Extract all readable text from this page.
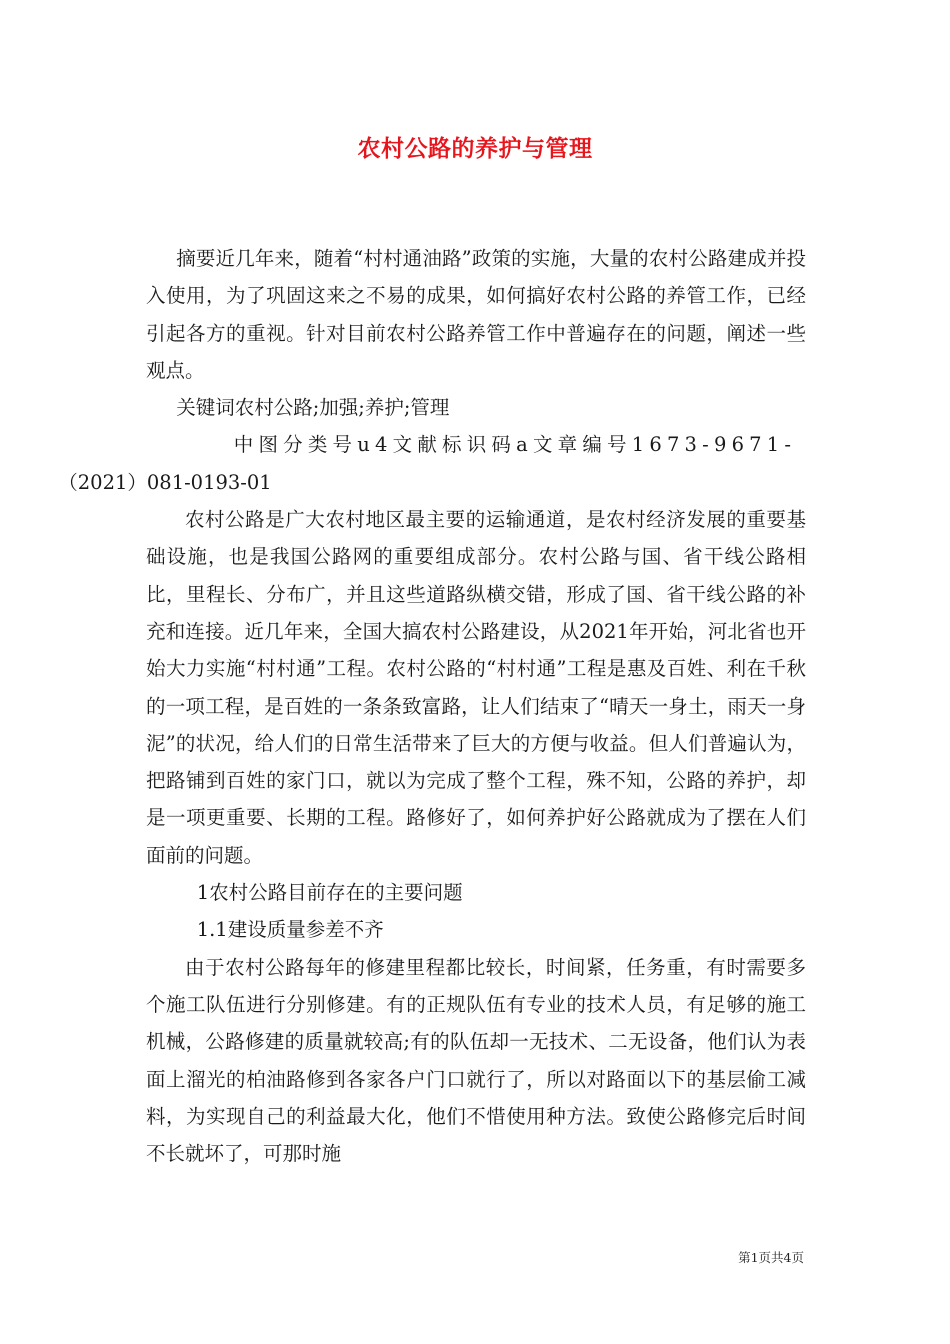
农村公路的养护与管理

摘要近几年来，随着“村村通油路”政策的实施，大量的农村公路建成并投入使用，为了巩固这来之不易的成果，如何搞好农村公路的养管工作，已经引起各方的重视。针对目前农村公路养管工作中普遍存在的问题，阐述一些观点。

关键词农村公路;加强;养护;管理

中图分类号u4文献标识码a文章编号1673-9671-
（2021）081-0193-01

农村公路是广大农村地区最主要的运输通道，是农村经济发展的重要基础设施，也是我国公路网的重要组成部分。农村公路与国、省干线公路相比，里程长、分布广，并且这些道路纵横交错，形成了国、省干线公路的补充和连接。近几年来，全国大搞农村公路建设，从2021年开始，河北省也开始大力实施“村村通”工程。农村公路的“村村通”工程是惠及百姓、利在千秋的一项工程，是百姓的一条条致富路，让人们结束了“晴天一身土，雨天一身泥”的状况，给人们的日常生活带来了巨大的方便与收益。但人们普遍认为，把路铺到百姓的家门口，就以为完成了整个工程，殊不知，公路的养护，却是一项更重要、长期的工程。路修好了，如何养护好公路就成为了摆在人们面前的问题。

1农村公路目前存在的主要问题

1.1建设质量参差不齐

由于农村公路每年的修建里程都比较长，时间紧，任务重，有时需要多个施工队伍进行分别修建。有的正规队伍有专业的技术人员，有足够的施工机械，公路修建的质量就较高;有的队伍却一无技术、二无设备，他们认为表面上溜光的柏油路修到各家各户门口就行了，所以对路面以下的基层偷工减料，为实现自己的利益最大化，他们不惜使用种方法。致使公路修完后时间不长就坏了，可那时施

第1页共4页
